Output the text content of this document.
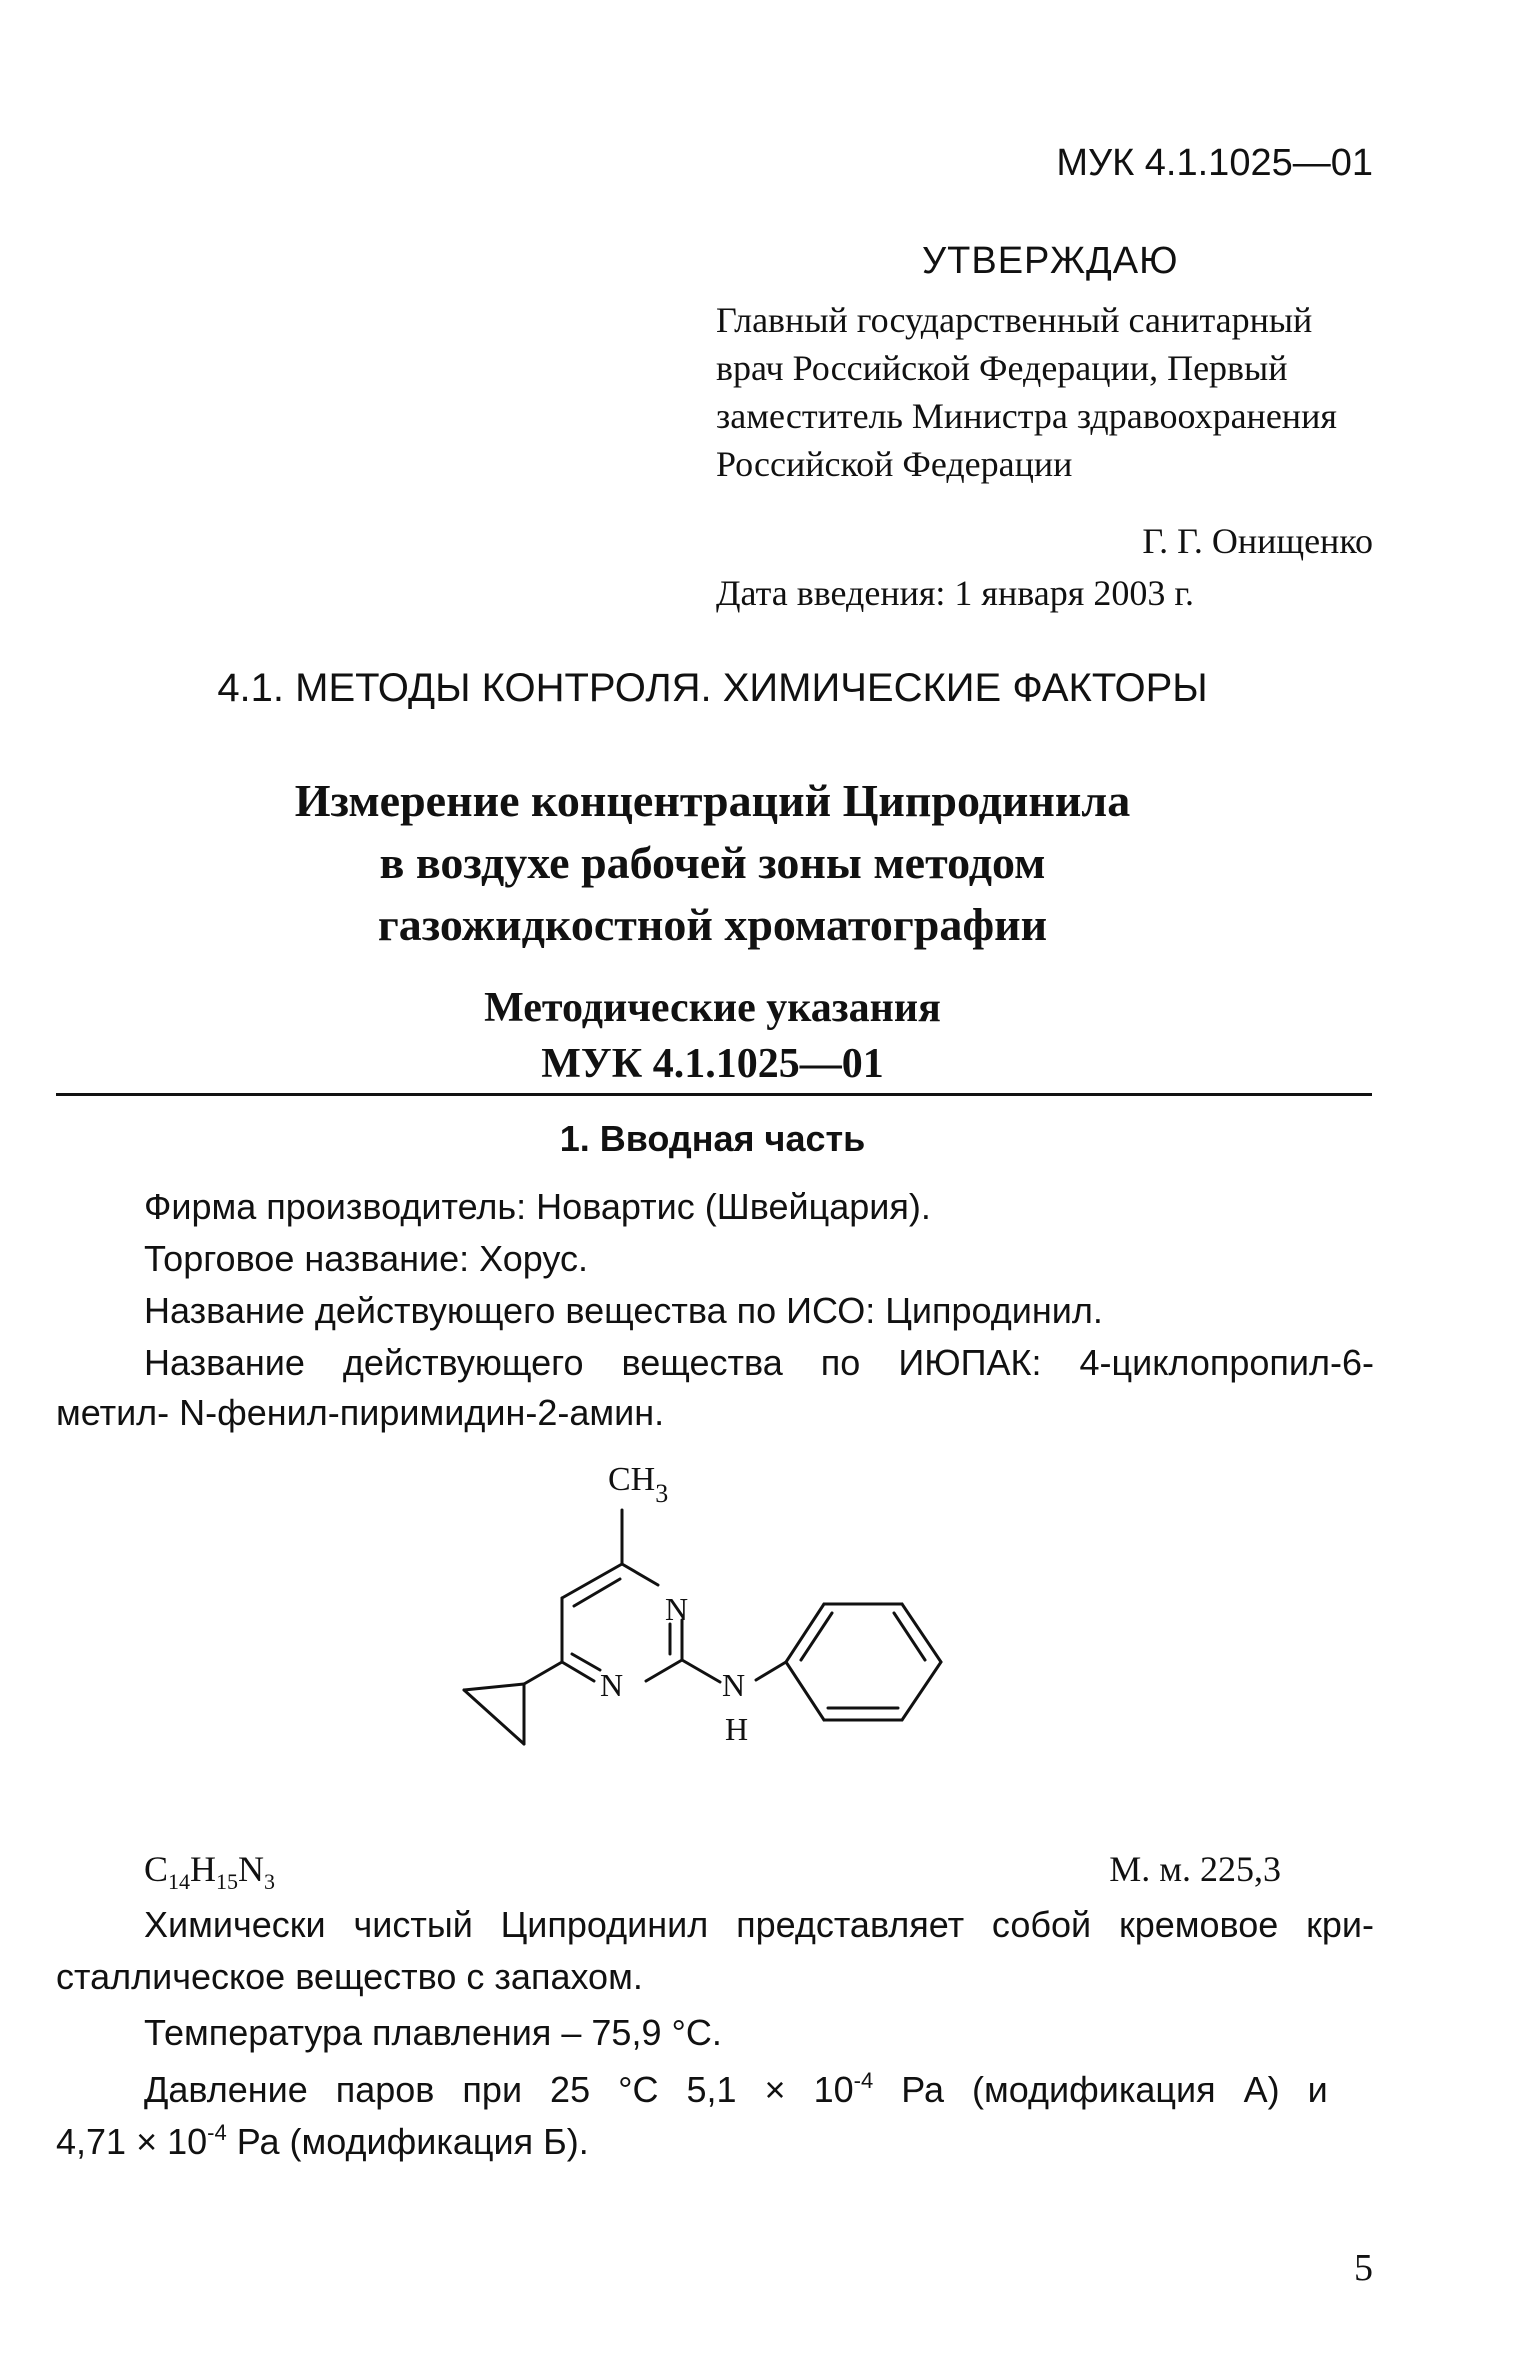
МУК 4.1.1025—01
УТВЕРЖДАЮ
Главный государственный санитарный
врач Российской Федерации, Первый
заместитель Министра здравоохранения
Российской Федерации
Г. Г. Онищенко
Дата введения: 1 января 2003 г.
4.1. МЕТОДЫ КОНТРОЛЯ. ХИМИЧЕСКИЕ ФАКТОРЫ
Измерение концентраций Ципродинила
в воздухе рабочей зоны методом
газожидкостной хроматографии
Методические указания
МУК 4.1.1025—01
1. Вводная часть
Фирма производитель: Новартис (Швейцария).
Торговое название: Хорус.
Название действующего вещества по ИСО: Ципродинил.
Название действующего вещества по ИЮПАК: 4-циклопропил-6-
метил- N-фенил-пиримидин-2-амин.
$CH_3$
N
N	N
H
$C_{14}H_{15}N_3$	М. м. 225,3
Химически чистый Ципродинил представляет собой кремовое кри-
сталлическое вещество с запахом.
Температура плавления – 75,9 °С.
Давление паров при 25 °С $5,1 \times 10^{-4}$ Ра (модификация А) и
$4,71 \times 10^{-4}$ Ра (модификация Б).
5
